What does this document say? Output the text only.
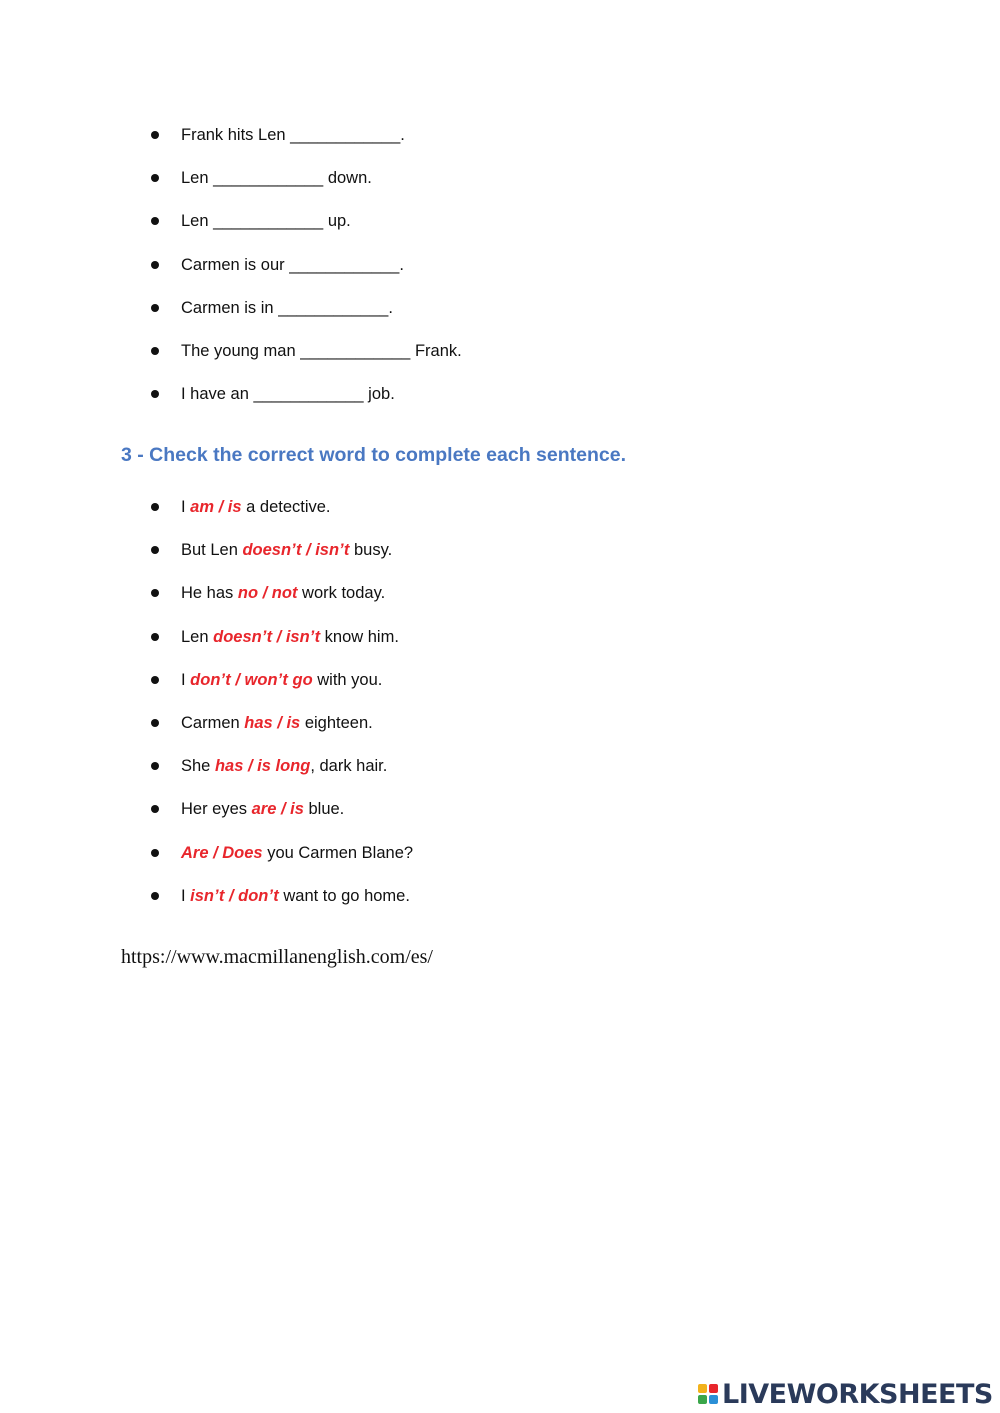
Frank hits Len ____________.
Len ____________ down.
Len ____________ up.
Carmen is our ____________.
Carmen is in ____________.
The young man ____________ Frank.
I have an ____________ job.
3 - Check the correct word to complete each sentence.
I am / is a detective.
But Len doesn’t / isn’t busy.
He has no / not work today.
Len doesn’t / isn’t know him.
I don’t / won’t go with you.
Carmen has / is eighteen.
She has / is long, dark hair.
Her eyes are / is blue.
Are / Does you Carmen Blane?
I isn’t / don’t want to go home.
https://www.macmillanenglish.com/es/
LIVEWORKSHEETS
